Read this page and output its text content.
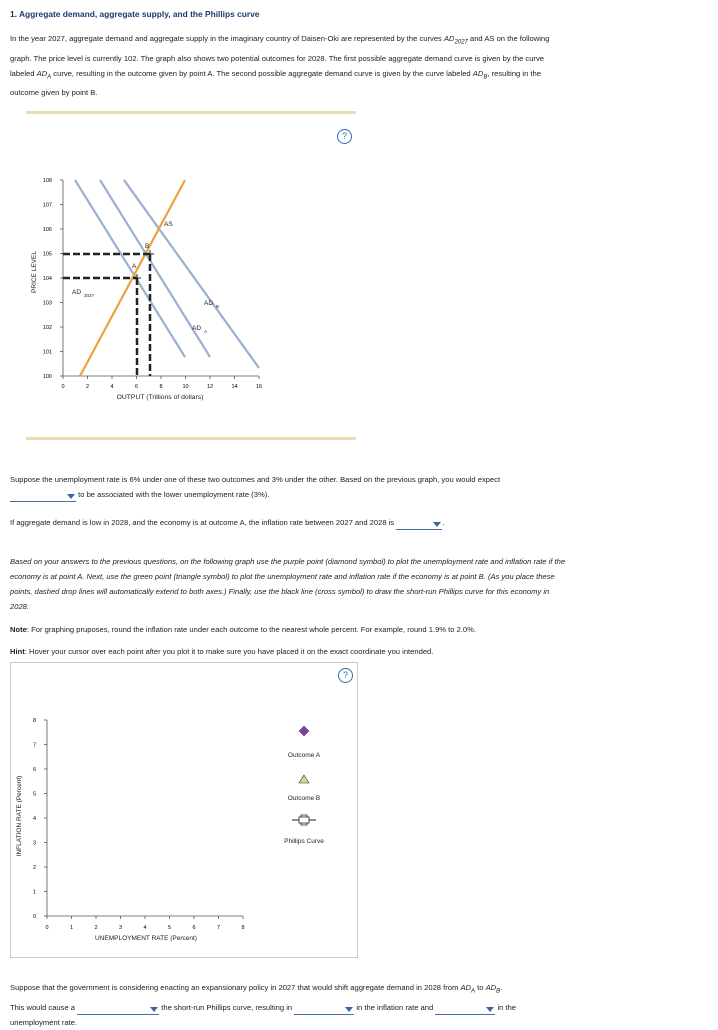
1. Aggregate demand, aggregate supply, and the Phillips curve
In the year 2027, aggregate demand and aggregate supply in the imaginary country of Daisen-Oki are represented by the curves $AD_{2027}$ and AS on the following graph. The price level is currently 102. The graph also shows two potential outcomes for 2028. The first possible aggregate demand curve is given by the curve labeled $AD_A$ curve, resulting in the outcome given by point A. The second possible aggregate demand curve is given by the curve labeled $AD_B$, resulting in the outcome given by point B.
?
PRICE LEVEL
OUTPUT (Trillions of dollars)
100
101
102
103
104
105
106
107
108
0	2	4	6	8	10	12	14	16
AS
B
A
AD 2027
AD B
AD A
Suppose the unemployment rate is 6% under one of these two outcomes and 3% under the other. Based on the previous graph, you would expect

to be associated with the lower unemployment rate (3%).
If aggregate demand is low in 2028, and the economy is at outcome A, the inflation rate between 2027 and 2028 is	.
Based on your answers to the previous questions, on the following graph use the purple point (diamond symbol) to plot the unemployment rate and inflation rate if the economy is at point A. Next, use the green point (triangle symbol) to plot the unemployment rate and inflation rate if the economy is at point B. (As you place these points, dashed drop lines will automatically extend to both axes.) Finally, use the black line (cross symbol) to draw the short-run Phillips curve for this economy in 2028.
Note: For graphing pruposes, round the inflation rate under each outcome to the nearest whole percent. For example, round 1.9% to 2.0%.
Hint: Hover your cursor over each point after you plot it to make sure you have placed it on the exact coordinate you intended.
?
INFLATION RATE (Percent)
UNEMPLOYMENT RATE (Percent)
0
1
2
3
4
5
6
7
8
0	1	2	3	4	5	6	7	8
Outcome A
Outcome B
Phillips Curve
Suppose that the government is considering enacting an expansionary policy in 2027 that would shift aggregate demand in 2028 from $AD_A$ to $AD_B$.
This would cause a	the short-run Phillips curve, resulting in	in the inflation rate and	in the
unemployment rate.
